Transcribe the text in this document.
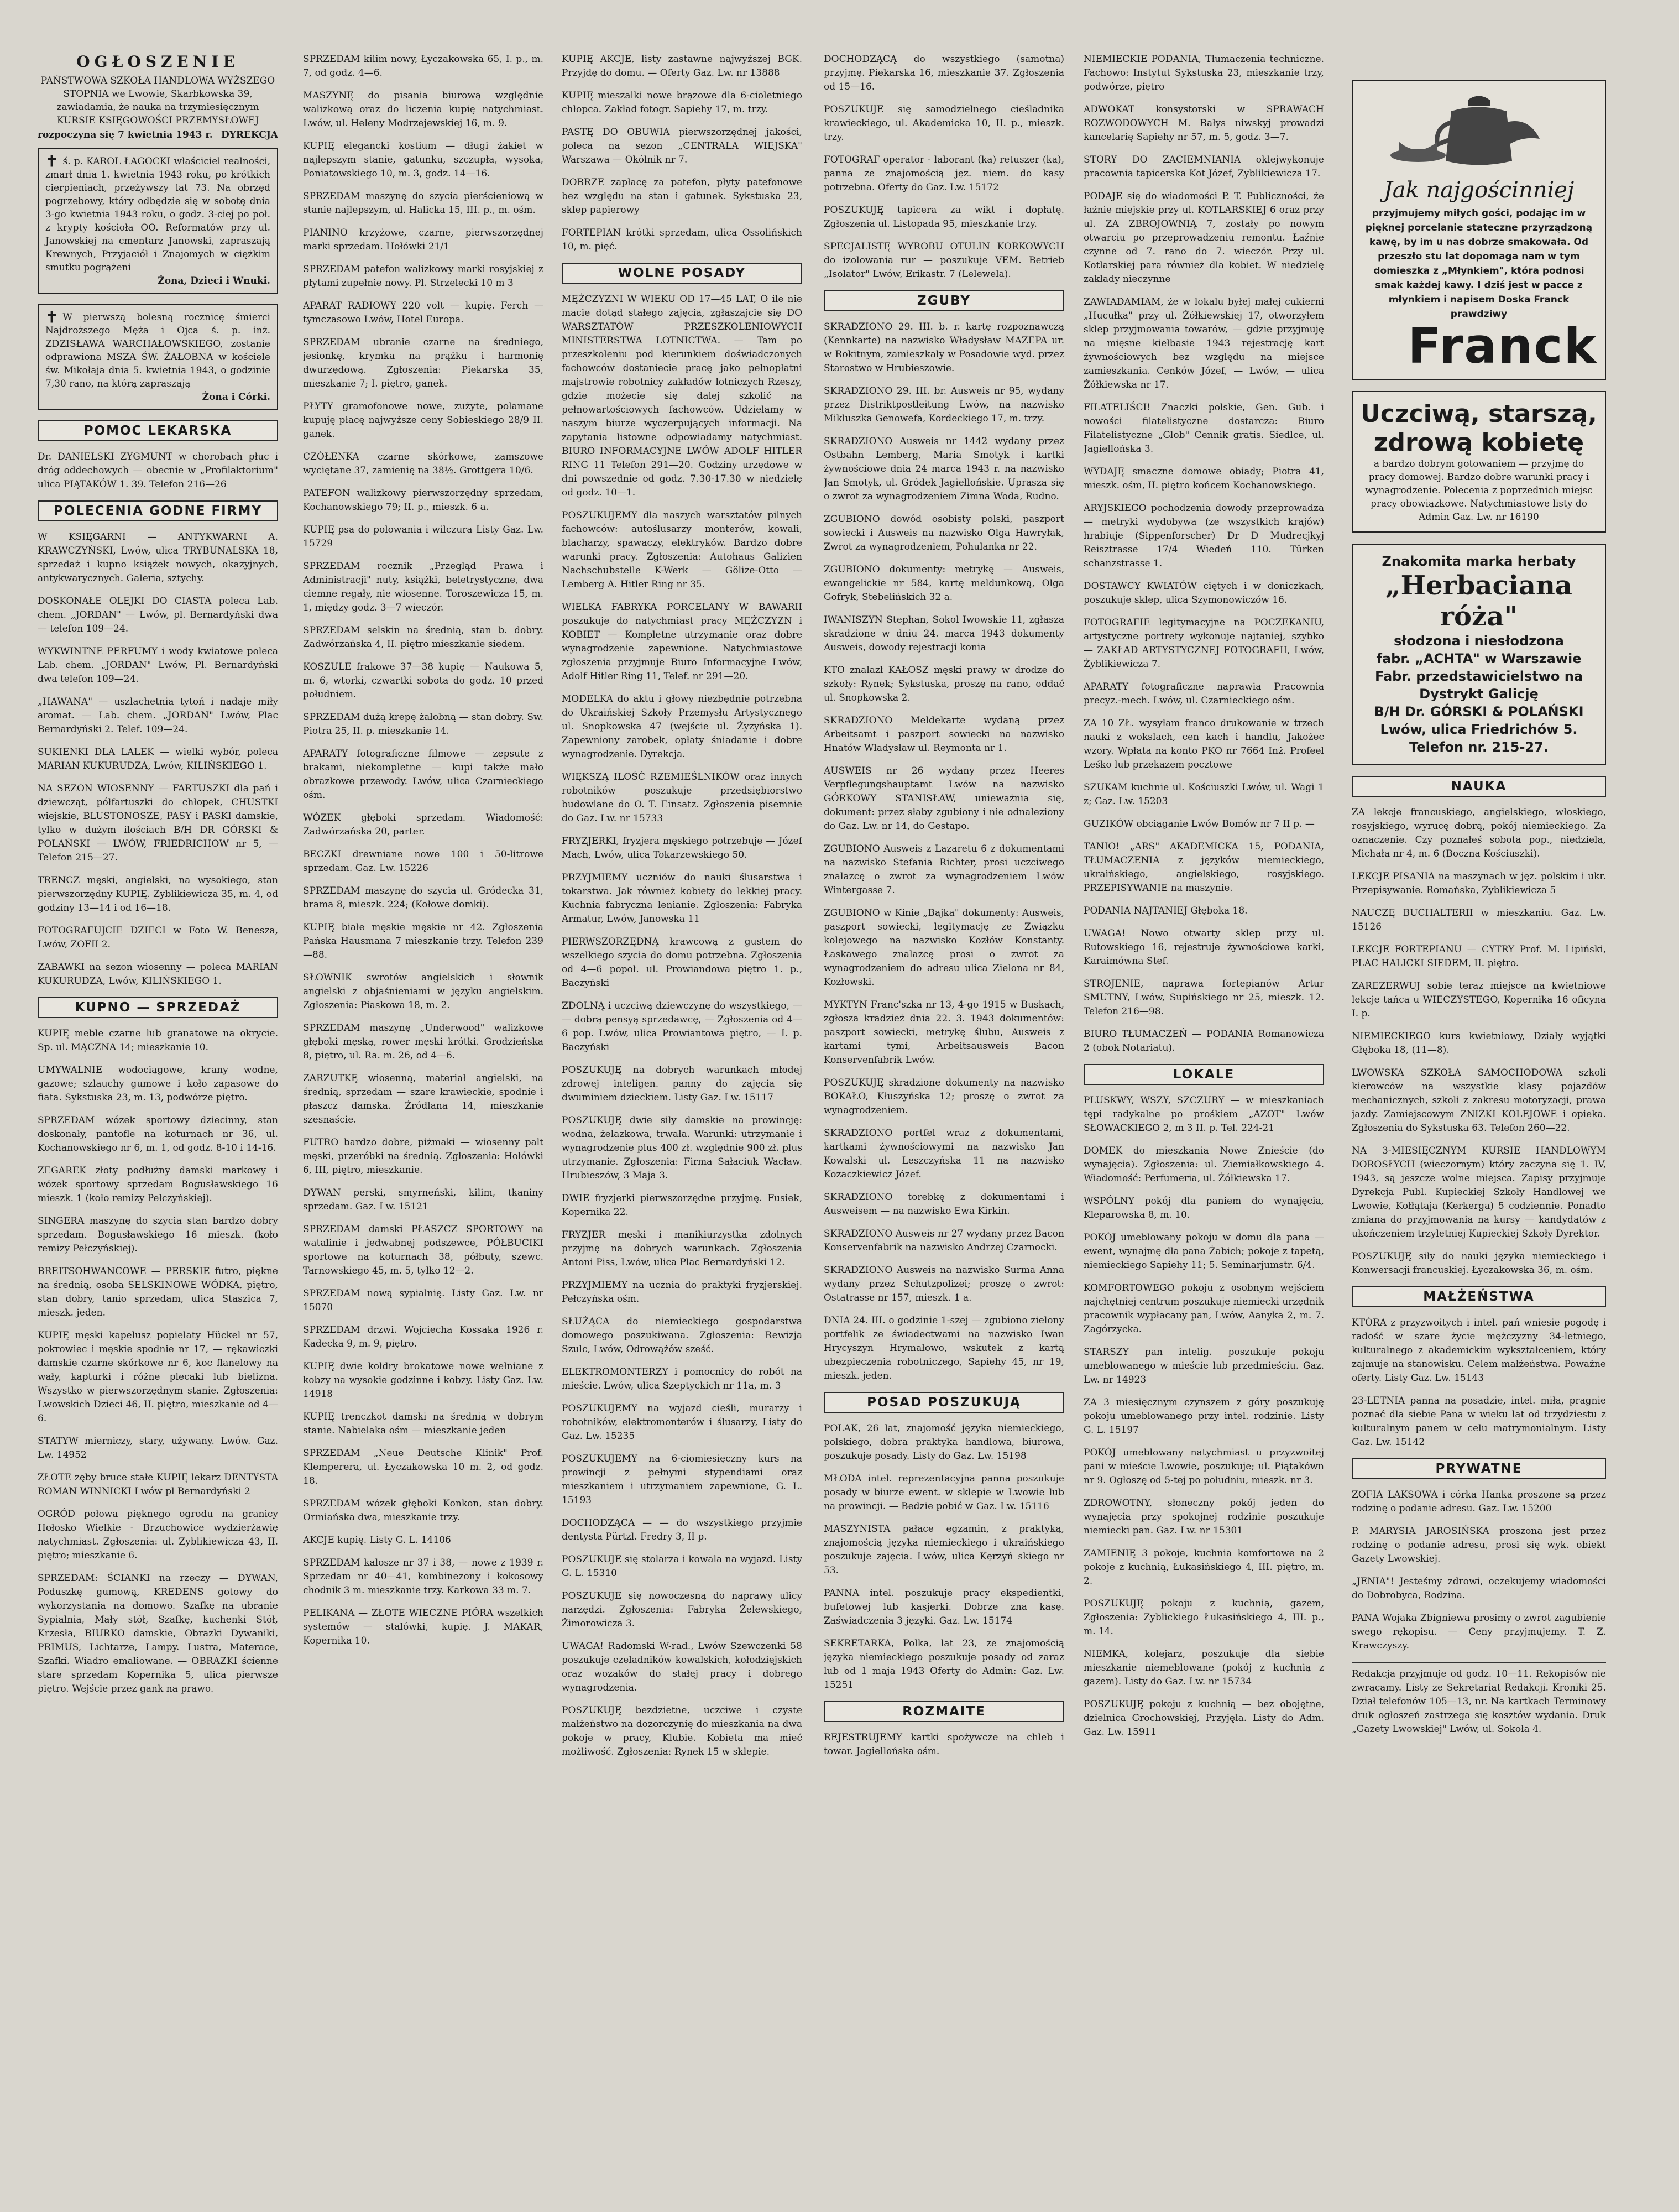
OGŁOSZENIE
PAŃSTWOWA SZKOŁA HANDLOWA WYŻSZEGO STOPNIA we Lwowie, Skarbkowska 39, zawiadamia, że nauka na trzymiesięcznym KURSIE KSIĘGOWOŚCI PRZEMYSŁOWEJ
rozpoczyna się 7 kwietnia 1943 r. DYREKCJA
✝ ś. p. KAROL ŁAGOCKI właściciel realności, zmarł dnia 1. kwietnia 1943 roku, po krótkich cierpieniach, przeżywszy lat 73. Na obrzęd pogrzebowy, który odbędzie się w sobotę dnia 3-go kwietnia 1943 roku, o godz. 3-ciej po poł. z krypty kościoła OO. Reformatów przy ul. Janowskiej na cmentarz Janowski, zapraszają Krewnych, Przyjaciół i Znajomych w ciężkim smutku pogrążeni
Żona, Dzieci i Wnuki.
✝ W pierwszą bolesną rocznicę śmierci Najdroższego Męża i Ojca ś. p. inż. ZDZISŁAWA WARCHAŁOWSKIEGO, zostanie odprawiona MSZA ŚW. ŻAŁOBNA w kościele św. Mikołaja dnia 5. kwietnia 1943, o godzinie 7,30 rano, na którą zapraszają
Żona i Córki.
POMOC LEKARSKA

Dr. DANIELSKI ZYGMUNT w chorobach płuc i dróg oddechowych — obecnie w „Profilaktorium" ulica PIĄTAKÓW 1. 39. Telefon 216—26

POLECENIA GODNE FIRMY

W KSIĘGARNI — ANTYKWARNI A. KRAWCZYŃSKI, Lwów, ulica TRYBUNALSKA 18, sprzedaż i kupno książek nowych, okazyjnych, antykwarycznych. Galeria, sztychy.

DOSKONAŁE OLEJKI DO CIASTA poleca Lab. chem. „JORDAN" — Lwów, pl. Bernardyński dwa — telefon 109—24.

WYKWINTNE PERFUMY i wody kwiatowe poleca Lab. chem. „JORDAN" Lwów, Pl. Bernardyński dwa telefon 109—24.

„HAWANA" — uszlachetnia tytoń i nadaje miły aromat. — Lab. chem. „JORDAN" Lwów, Plac Bernardyński 2. Telef. 109—24.

SUKIENKI DLA LALEK — wielki wybór, poleca MARIAN KUKURUDZA, Lwów, KILIŃSKIEGO 1.

NA SEZON WIOSENNY — FARTUSZKI dla pań i dziewcząt, półfartuszki do chłopek, CHUSTKI wiejskie, BLUSTONOSZE, PASY i PASKI damskie, tylko w dużym ilościach B/H DR GÓRSKI & POLAŃSKI — LWÓW, FRIEDRICHOW nr 5, — Telefon 215—27.

TRENCZ męski, angielski, na wysokiego, stan pierwszorzędny KUPIĘ. Zyblikiewicza 35, m. 4, od godziny 13—14 i od 16—18.

FOTOGRAFUJCIE DZIECI w Foto W. Benesza, Lwów, ZOFII 2.

ZABAWKI na sezon wiosenny — poleca MARIAN KUKURUDZA, Lwów, KILIŃSKIEGO 1.

KUPNO — SPRZEDAŻ

KUPIĘ meble czarne lub granatowe na okrycie. Sp. ul. MĄCZNA 14; mieszkanie 10.

UMYWALNIE wodociągowe, krany wodne, gazowe; szlauchy gumowe i koło zapasowe do fiata. Sykstuska 23, m. 13, podwórze piętro.

SPRZEDAM wózek sportowy dziecinny, stan doskonały, pantofle na koturnach nr 36, ul. Kochanowskiego nr 6, m. 1, od godz. 8-10 i 14-16.

ZEGAREK złoty podłużny damski markowy i wózek sportowy sprzedam Bogusławskiego 16 mieszk. 1 (koło remizy Pełczyńskiej).

SINGERA maszynę do szycia stan bardzo dobry sprzedam. Bogusławskiego 16 mieszk. (koło remizy Pełczyńskiej).

BREITSOHWANCOWE — PERSKIE futro, piękne na średnią, osoba SELSKINOWE WÓDKA, piętro, stan dobry, tanio sprzedam, ulica Staszica 7, mieszk. jeden.

KUPIĘ męski kapelusz popielaty Hückel nr 57, pokrowiec i męskie spodnie nr 17, — rękawiczki damskie czarne skórkowe nr 6, koc flanelowy na wały, kapturki i różne plecaki lub bielizna. Wszystko w pierwszorzędnym stanie. Zgłoszenia: Lwowskich Dzieci 46, II. piętro, mieszkanie od 4—6.

STATYW mierniczy, stary, używany. Lwów. Gaz. Lw. 14952

ZŁOTE zęby bruce stałe KUPIĘ lekarz DENTYSTA ROMAN WINNICKI Lwów pl Bernardyński 2

OGRÓD połowa pięknego ogrodu na granicy Hołosko Wielkie - Brzuchowice wydzierżawię natychmiast. Zgłoszenia: ul. Zyblikiewicza 43, II. piętro; mieszkanie 6.

SPRZEDAM: ŚCIANKI na rzeczy — DYWAN, Poduszkę gumową, KREDENS gotowy do wykorzystania na domowo. Szafkę na ubranie Sypialnia, Mały stół, Szafkę, kuchenki Stół, Krzesła, BIURKO damskie, Obrazki Dywaniki, PRIMUS, Lichtarze, Lampy. Lustra, Materace, Szafki. Wiadro emaliowane. — OBRAZKI ścienne stare sprzedam Kopernika 5, ulica pierwsze piętro. Wejście przez gank na prawo.

SPRZEDAM kilim nowy, Łyczakowska 65, I. p., m. 7, od godz. 4—6.

MASZYNĘ do pisania biurową względnie walizkową oraz do liczenia kupię natychmiast. Lwów, ul. Heleny Modrzejewskiej 16, m. 9.

KUPIĘ elegancki kostium — długi żakiet w najlepszym stanie, gatunku, szczupła, wysoka, Poniatowskiego 10, m. 3, godz. 14—16.

SPRZEDAM maszynę do szycia pierścieniową w stanie najlepszym, ul. Halicka 15, III. p., m. ośm.

PIANINO krzyżowe, czarne, pierwszorzędnej marki sprzedam. Hołówki 21/1

SPRZEDAM patefon walizkowy marki rosyjskiej z płytami zupełnie nowy. Pl. Strzelecki 10 m 3

APARAT RADIOWY 220 volt — kupię. Ferch — tymczasowo Lwów, Hotel Europa.

SPRZEDAM ubranie czarne na średniego, jesionkę, krymka na prążku i harmonię dwurzędową. Zgłoszenia: Piekarska 35, mieszkanie 7; I. piętro, ganek.

PŁYTY gramofonowe nowe, zużyte, polamane kupuję płacę najwyższe ceny Sobieskiego 28/9 II. ganek.

CZÓŁENKA czarne skórkowe, zamszowe wyciętane 37, zamienię na 38½. Grottgera 10/6.

PATEFON walizkowy pierwszorzędny sprzedam, Kochanowskiego 79; II. p., mieszk. 6 a.

KUPIĘ psa do polowania i wilczura Listy Gaz. Lw. 15729

SPRZEDAM rocznik „Przegląd Prawa i Administracji" nuty, książki, beletrystyczne, dwa ciemne regały, nie wiosenne. Toroszewicza 15, m. 1, między godz. 3—7 wieczór.

SPRZEDAM selskin na średnią, stan b. dobry. Zadwórzańska 4, II. piętro mieszkanie siedem.

KOSZULE frakowe 37—38 kupię — Naukowa 5, m. 6, wtorki, czwartki sobota do godz. 10 przed południem.

SPRZEDAM dużą krepę żałobną — stan dobry. Sw. Piotra 25, II. p. mieszkanie 14.

APARATY fotograficzne filmowe — zepsute z brakami, niekompletne — kupi także mało obrazkowe przewody. Lwów, ulica Czarnieckiego ośm.

WÓZEK głęboki sprzedam. Wiadomość: Zadwórzańska 20, parter.

BECZKI drewniane nowe 100 i 50-litrowe sprzedam. Gaz. Lw. 15226

SPRZEDAM maszynę do szycia ul. Gródecka 31, brama 8, mieszk. 224; (Kołowe domki).

KUPIĘ białe męskie męskie nr 42. Zgłoszenia Pańska Hausmana 7 mieszkanie trzy. Telefon 239—88.

SŁOWNIK swrotów angielskich i słownik angielski z objaśnieniami w języku angielskim. Zgłoszenia: Piaskowa 18, m. 2.

SPRZEDAM maszynę „Underwood" walizkowe głęboki męską, rower męski krótki. Grodzieńska 8, piętro, ul. Ra. m. 26, od 4—6.

ZARZUTKĘ wiosenną, materiał angielski, na średnią, sprzedam — szare krawieckie, spodnie i płaszcz damska. Źródlana 14, mieszkanie szesnaście.

FUTRO bardzo dobre, piżmaki — wiosenny palt męski, przeróbki na średnią. Zgłoszenia: Hołówki 6, III, piętro, mieszkanie.

DYWAN perski, smyrneński, kilim, tkaniny sprzedam. Gaz. Lw. 15121

SPRZEDAM damski PŁASZCZ SPORTOWY na watalinie i jedwabnej podszewce, PÓŁBUCIKI sportowe na koturnach 38, półbuty, szewc. Tarnowskiego 45, m. 5, tylko 12—2.

SPRZEDAM nową sypialnię. Listy Gaz. Lw. nr 15070

SPRZEDAM drzwi. Wojciecha Kossaka 1926 r. Kadecka 9, m. 9, piętro.

KUPIĘ dwie kołdry brokatowe nowe wełniane z kobzy na wysokie godzinne i kobzy. Listy Gaz. Lw. 14918

KUPIĘ trenczkot damski na średnią w dobrym stanie. Nabielaka ośm — mieszkanie jeden

SPRZEDAM „Neue Deutsche Klinik" Prof. Klemperera, ul. Łyczakowska 10 m. 2, od godz. 18.

SPRZEDAM wózek głęboki Konkon, stan dobry. Ormiańska dwa, mieszkanie trzy.

AKCJE kupię. Listy G. L. 14106

SPRZEDAM kalosze nr 37 i 38, — nowe z 1939 r. Sprzedam nr 40—41, kombinezony i kokosowy chodnik 3 m. mieszkanie trzy. Karkowa 33 m. 7.

PELIKANA — ZŁOTE WIECZNE PIÓRA wszelkich systemów — stalówki, kupię. J. MAKAR, Kopernika 10.

KUPIĘ AKCJE, listy zastawne najwyższej BGK. Przyjdę do domu. — Oferty Gaz. Lw. nr 13888

KUPIĘ mieszalki nowe brązowe dla 6-cioletniego chłopca. Zakład fotogr. Sapiehy 17, m. trzy.

PASTĘ DO OBUWIA pierwszorzędnej jakości, poleca na sezon „CENTRALA WIEJSKA" Warszawa — Okólnik nr 7.

DOBRZE zapłacę za patefon, płyty patefonowe bez względu na stan i gatunek. Sykstuska 23, sklep papierowy

FORTEPIAN krótki sprzedam, ulica Ossolińskich 10, m. pięć.

WOLNE POSADY

MĘŻCZYZNI W WIEKU OD 17—45 LAT, O ile nie macie dotąd stałego zajęcia, zgłaszajcie się DO WARSZTATÓW PRZESZKOLENIOWYCH MINISTERSTWA LOTNICTWA. — Tam po przeszkoleniu pod kierunkiem doświadczonych fachowców dostaniecie pracę jako pełnopłatni majstrowie robotnicy zakładów lotniczych Rzeszy, gdzie możecie się dalej szkolić na pełnowartościowych fachowców. Udzielamy w naszym biurze wyczerpujących informacji. Na zapytania listowne odpowiadamy natychmiast. BIURO INFORMACYJNE LWÓW ADOLF HITLER RING 11 Telefon 291—20. Godziny urzędowe w dni powszednie od godz. 7.30-17.30 w niedzielę od godz. 10—1.

POSZUKUJEMY dla naszych warsztatów pilnych fachowców: autoślusarzy monterów, kowali, blacharzy, spawaczy, elektryków. Bardzo dobre warunki pracy. Zgłoszenia: Autohaus Galizien Nachschubstelle K-Werk — Gölize-Otto — Lemberg A. Hitler Ring nr 35.

WIELKA FABRYKA PORCELANY W BAWARII poszukuje do natychmiast pracy MĘŻCZYZN i KOBIET — Kompletne utrzymanie oraz dobre wynagrodzenie zapewnione. Natychmiastowe zgłoszenia przyjmuje Biuro Informacyjne Lwów, Adolf Hitler Ring 11, Telef. nr 291—20.

MODELKA do aktu i głowy niezbędnie potrzebna do Ukraińskiej Szkoły Przemysłu Artystycznego ul. Snopkowska 47 (wejście ul. Żyzyńska 1). Zapewniony zarobek, opłaty śniadanie i dobre wynagrodzenie. Dyrekcja.

WIĘKSZĄ ILOŚĆ RZEMIEŚLNIKÓW oraz innych robotników poszukuje przedsiębiorstwo budowlane do O. T. Einsatz. Zgłoszenia pisemnie do Gaz. Lw. nr 15733

FRYZJERKI, fryzjera męskiego potrzebuje — Józef Mach, Lwów, ulica Tokarzewskiego 50.

PRZYJMIEMY uczniów do nauki ślusarstwa i tokarstwa. Jak również kobiety do lekkiej pracy. Kuchnia fabryczna lenianie. Zgłoszenia: Fabryka Armatur, Lwów, Janowska 11

PIERWSZORZĘDNĄ krawcową z gustem do wszelkiego szycia do domu potrzebna. Zgłoszenia od 4—6 popoł. ul. Prowiandowa piętro 1. p., Baczyński

ZDOLNĄ i uczciwą dziewczynę do wszystkiego, — — dobrą pensyą sprzedawcę, — Zgłoszenia od 4—6 pop. Lwów, ulica Prowiantowa piętro, — I. p. Baczyński

POSZUKUJĘ na dobrych warunkach młodej zdrowej inteligen. panny do zajęcia się dwuminiem dzieckiem. Listy Gaz. Lw. 15117

POSZUKUJĘ dwie siły damskie na prowincję: wodna, żelazkowa, trwała. Warunki: utrzymanie i wynagrodzenie plus 400 zł. względnie 900 zł. plus utrzymanie. Zgłoszenia: Firma Sałaciuk Wacław. Hrubieszów, 3 Maja 3.

DWIE fryzjerki pierwszorzędne przyjmę. Fusiek, Kopernika 22.

FRYZJER męski i manikiurzystka zdolnych przyjmę na dobrych warunkach. Zgłoszenia Antoni Piss, Lwów, ulica Plac Bernardyński 12.

PRZYJMIEMY na ucznia do praktyki fryzjerskiej. Pełczyńska ośm.

SŁUŻĄCA do niemieckiego gospodarstwa domowego poszukiwana. Zgłoszenia: Rewizja Szulc, Lwów, Odrowążów sześć.

ELEKTROMONTERZY i pomocnicy do robót na mieście. Lwów, ulica Szeptyckich nr 11a, m. 3

POSZUKUJEMY na wyjazd cieśli, murarzy i robotników, elektromonterów i ślusarzy, Listy do Gaz. Lw. 15235

POSZUKUJEMY na 6-ciomiesięczny kurs na prowincji z pełnymi stypendiami oraz mieszkaniem i utrzymaniem zapewnione, G. L. 15193

DOCHODZĄCA — — do wszystkiego przyjmie dentysta Pürtzl. Fredry 3, II p.

POSZUKUJE się stolarza i kowala na wyjazd. Listy G. L. 15310

POSZUKUJE się nowoczesną do naprawy ulicy narzędzi. Zgłoszenia: Fabryka Żelewskiego, Żimorowicza 3.

UWAGA! Radomski W-rad., Lwów Szewczenki 58 poszukuje czeladników kowalskich, kołodziejskich oraz wozaków do stałej pracy i dobrego wynagrodzenia.

POSZUKUJĘ bezdzietne, uczciwe i czyste małżeństwo na dozorczynię do mieszkania na dwa pokoje w pracy, Klubie. Kobieta ma mieć możliwość. Zgłoszenia: Rynek 15 w sklepie.

DOCHODZĄCĄ do wszystkiego (samotna) przyjmę. Piekarska 16, mieszkanie 37. Zgłoszenia od 15—16.

POSZUKUJE się samodzielnego cieśladnika krawieckiego, ul. Akademicka 10, II. p., mieszk. trzy.

FOTOGRAF operator - laborant (ka) retuszer (ka), panna ze znajomością jęz. niem. do kasy potrzebna. Oferty do Gaz. Lw. 15172

POSZUKUJĘ tapicera za wikt i dopłatę. Zgłoszenia ul. Listopada 95, mieszkanie trzy.

SPECJALISTĘ WYROBU OTULIN KORKOWYCH do izolowania rur — poszukuje VEM. Betrieb „Isolator" Lwów, Erikastr. 7 (Lelewela).

ZGUBY

SKRADZIONO 29. III. b. r. kartę rozpoznawczą (Kennkarte) na nazwisko Władysław MAZEPA ur. w Rokitnym, zamieszkały w Posadowie wyd. przez Starostwo w Hrubieszowie.

SKRADZIONO 29. III. br. Ausweis nr 95, wydany przez Distriktpostleitung Lwów, na nazwisko Mikluszka Genowefa, Kordeckiego 17, m. trzy.

SKRADZIONO Ausweis nr 1442 wydany przez Ostbahn Lemberg, Maria Smotyk i kartki żywnościowe dnia 24 marca 1943 r. na nazwisko Jan Smotyk, ul. Gródek Jagiellońskie. Uprasza się o zwrot za wynagrodzeniem Zimna Woda, Rudno.

ZGUBIONO dowód osobisty polski, paszport sowiecki i Ausweis na nazwisko Olga Hawryłak, Zwrot za wynagrodzeniem, Pohulanka nr 22.

ZGUBIONO dokumenty: metrykę — Ausweis, ewangelickie nr 584, kartę meldunkową, Olga Gofryk, Stebelińskich 32 a.

IWANISZYN Stephan, Sokol Iwowskie 11, zgłasza skradzione w dniu 24. marca 1943 dokumenty Ausweis, dowody rejestracji konia

KTO znalazł KAŁOSZ męski prawy w drodze do szkoły: Rynek; Sykstuska, proszę na rano, oddać ul. Snopkowska 2.

SKRADZIONO Meldekarte wydaną przez Arbeitsamt i paszport sowiecki na nazwisko Hnatów Władysław ul. Reymonta nr 1.

AUSWEIS nr 26 wydany przez Heeres Verpflegungshauptamt Lwów na nazwisko GÓRKOWY STANISŁAW, unieważnia się, dokument: przez słaby zgubiony i nie odnaleziony do Gaz. Lw. nr 14, do Gestapo.

ZGUBIONO Ausweis z Lazaretu 6 z dokumentami na nazwisko Stefania Richter, prosi uczciwego znalazcę o zwrot za wynagrodzeniem Lwów Wintergasse 7.

ZGUBIONO w Kinie „Bajka" dokumenty: Ausweis, paszport sowiecki, legitymację ze Związku kolejowego na nazwisko Kozłów Konstanty. Łaskawego znalazcę prosi o zwrot za wynagrodzeniem do adresu ulica Zielona nr 84, Kozłowski.

MYKTYN Franc'szka nr 13, 4-go 1915 w Buskach, zgłosza kradzież dnia 22. 3. 1943 dokumentów: paszport sowiecki, metrykę ślubu, Ausweis z kartami tymi, Arbeitsausweis Bacon Konservenfabrik Lwów.

POSZUKUJĘ skradzione dokumenty na nazwisko BOKAŁO, Kłuszyńska 12; proszę o zwrot za wynagrodzeniem.

SKRADZIONO portfel wraz z dokumentami, kartkami żywnościowymi na nazwisko Jan Kowalski ul. Leszczyńska 11 na nazwisko Kozaczkiewicz Józef.

SKRADZIONO torebkę z dokumentami i Ausweisem — na nazwisko Ewa Kirkin.

SKRADZIONO Ausweis nr 27 wydany przez Bacon Konservenfabrik na nazwisko Andrzej Czarnocki.

SKRADZIONO Ausweis na nazwisko Surma Anna wydany przez Schutzpolizei; proszę o zwrot: Ostatrasse nr 157, mieszk. 1 a.

DNIA 24. III. o godzinie 1-szej — zgubiono zielony portfelik ze świadectwami na nazwisko Iwan Hrycyszyn Hrymałowo, wskutek z kartą ubezpieczenia robotniczego, Sapiehy 45, nr 19, mieszk. jeden.

POSAD POSZUKUJĄ

POLAK, 26 lat, znajomość języka niemieckiego, polskiego, dobra praktyka handlowa, biurowa, poszukuje posady. Listy do Gaz. Lw. 15198

MŁODA intel. reprezentacyjna panna poszukuje posady w biurze ewent. w sklepie w Lwowie lub na prowincji. — Bedzie pobić w Gaz. Lw. 15116

MASZYNISTA pałace egzamin, z praktyką, znajomością języka niemieckiego i ukraińskiego poszukuje zajęcia. Lwów, ulica Kęrzyń skiego nr 53.

PANNA intel. poszukuje pracy ekspedientki, bufetowej lub kasjerki. Dobrze zna kasę. Zaświadczenia 3 języki. Gaz. Lw. 15174

SEKRETARKA, Polka, lat 23, ze znajomością języka niemieckiego poszukuje posady od zaraz lub od 1 maja 1943 Oferty do Admin: Gaz. Lw. 15251

ROZMAITE

REJESTRUJEMY kartki spożywcze na chleb i towar. Jagiellońska ośm.

NIEMIECKIE PODANIA, Tłumaczenia techniczne. Fachowo: Instytut Sykstuska 23, mieszkanie trzy, podwórze, piętro

ADWOKAT konsystorski w SPRAWACH ROZWODOWYCH M. Bałys niwskyj prowadzi kancelarię Sapiehy nr 57, m. 5, godz. 3—7.

STORY DO ZACIEMNIANIA oklejwykonuje pracownia tapicerska Kot Józef, Zyblikiewicza 17.

PODAJE się do wiadomości P. T. Publiczności, że łaźnie miejskie przy ul. KOTLARSKIEJ 6 oraz przy ul. ZA ZBROJOWNIĄ 7, zostały po nowym otwarciu po przeprowadzeniu remontu. Łaźnie czynne od 7. rano do 7. wieczór. Przy ul. Kotlarskiej para również dla kobiet. W niedzielę zakłady nieczynne

ZAWIADAMIAM, że w lokalu byłej małej cukierni „Hucułka" przy ul. Żółkiewskiej 17, otworzyłem sklep przyjmowania towarów, — gdzie przyjmuję na mięsne kiełbasie 1943 rejestrację kart żywnościowych bez względu na miejsce zamieszkania. Cenków Józef, — Lwów, — ulica Żółkiewska nr 17.

FILATELIŚCI! Znaczki polskie, Gen. Gub. i nowości filatelistyczne dostarcza: Biuro Filatelistyczne „Glob" Cennik gratis. Siedlce, ul. Jagiellońska 3.

WYDAJĘ smaczne domowe obiady; Piotra 41, mieszk. ośm, II. piętro końcem Kochanowskiego.

ARYJSKIEGO pochodzenia dowody przeprowadza — metryki wydobywa (ze wszystkich krajów) hrabiuje (Sippenforscher) Dr D Mudrecjkyj Reisztrasse 17/4 Wiedeń 110. Türken schanzstrasse 1.

DOSTAWCY KWIATÓW ciętych i w doniczkach, poszukuje sklep, ulica Szymonowiczów 16.

FOTOGRAFIE legitymacyjne na POCZEKANIU, artystyczne portrety wykonuje najtaniej, szybko — ZAKŁAD ARTYSTYCZNEJ FOTOGRAFII, Lwów, Żyblikiewicza 7.

APARATY fotograficzne naprawia Pracownia precyz.-mech. Lwów, ul. Czarnieckiego ośm.

ZA 10 ZŁ. wysyłam franco drukowanie w trzech nauki z wokslach, cen kach i handlu, Jakożec wzory. Wpłata na konto PKO nr 7664 Inż. Profeel Leśko lub przekazem pocztowe

SZUKAM kuchnie ul. Kościuszki Lwów, ul. Wagi 1 z; Gaz. Lw. 15203

GUZIKÓW obciąganie Lwów Bomów nr 7 II p. —

TANIO! „ARS" AKADEMICKA 15, PODANIA, TŁUMACZENIA z języków niemieckiego, ukraińskiego, angielskiego, rosyjskiego. PRZEPISYWANIE na maszynie.

PODANIA NAJTANIEJ Głęboka 18.

UWAGA! Nowo otwarty sklep przy ul. Rutowskiego 16, rejestruje żywnościowe karki, Karaimówna Stef.

STROJENIE, naprawa fortepianów Artur SMUTNY, Lwów, Supińskiego nr 25, mieszk. 12. Telefon 216—98.

BIURO TŁUMACZEŃ — PODANIA Romanowicza 2 (obok Notariatu).

LOKALE

PLUSKWY, WSZY, SZCZURY — w mieszkaniach tępi radykalne po prośkiem „AZOT" Lwów SŁOWACKIEGO 2, m 3 II. p. Tel. 224-21

DOMEK do mieszkania Nowe Znieście (do wynajęcia). Zgłoszenia: ul. Ziemiałkowskiego 4. Wiadomość: Perfumeria, ul. Żółkiewska 17.

WSPÓLNY pokój dla paniem do wynajęcia, Kleparowska 8, m. 10.

POKÓJ umeblowany pokoju w domu dla pana — ewent, wynajmę dla pana Żabich; pokoje z tapetą, niemieckiego Sapiehy 11; 5. Seminarjumstr. 6/4.

KOMFORTOWEGO pokoju z osobnym wejściem najchętniej centrum poszukuje niemiecki urzędnik pracownik wypłacany pan, Lwów, Aanyka 2, m. 7. Zagórzycka.

STARSZY pan intelig. poszukuje pokoju umeblowanego w mieście lub przedmieściu. Gaz. Lw. nr 14923

ZA 3 miesięcznym czynszem z góry poszukuję pokoju umeblowanego przy intel. rodzinie. Listy G. L. 15197

POKÓJ umeblowany natychmiast u przyzwoitej pani w mieście Lwowie, poszukuje; ul. Piątakówn nr 9. Ogłoszę od 5-tej po południu, mieszk. nr 3.

ZDROWOTNY, słoneczny pokój jeden do wynajęcia przy spokojnej rodzinie poszukuje niemiecki pan. Gaz. Lw. nr 15301

ZAMIENIĘ 3 pokoje, kuchnia komfortowe na 2 pokoje z kuchnią, Łukasińskiego 4, III. piętro, m. 2.

POSZUKUJĘ pokoju z kuchnią, gazem, Zgłoszenia: Zyblickiego Łukasińskiego 4, III. p., m. 14.

NIEMKA, kolejarz, poszukuje dla siebie mieszkanie niemeblowane (pokój z kuchnią z gazem). Listy do Gaz. Lw. nr 15734

POSZUKUJĘ pokoju z kuchnią — bez obojętne, dzielnica Grochowskiej, Przyjęła. Listy do Adm. Gaz. Lw. 15911

Jak najgościnniej
przyjmujemy miłych gości, podając im w pięknej porcelanie stateczne przyrządzoną kawę, by im u nas dobrze smakowała. Od przeszło stu lat dopomaga nam w tym domieszka z „Młynkiem", która podnosi smak każdej kawy. I dziś jest w pacce z młynkiem i napisem Doska Franck prawdziwy
Franck
Uczciwą, starszą,
zdrową kobietę
a bardzo dobrym gotowaniem — przyjmę do pracy domowej. Bardzo dobre warunki pracy i wynagrodzenie. Polecenia z poprzednich miejsc pracy obowiązkowe. Natychmiastowe listy do Admin Gaz. Lw. nr 16190
Znakomita marka herbaty
„Herbaciana róża"
słodzona i niesłodzona
fabr. „ACHTA" w Warszawie
Fabr. przedstawicielstwo na Dystrykt Galicję
B/H Dr. GÓRSKI & POLAŃSKI
Lwów, ulica Friedrichów 5.
Telefon nr. 215-27.
NAUKA

ZA lekcje francuskiego, angielskiego, włoskiego, rosyjskiego, wyrucę dobrą, pokój niemieckiego. Za oznaczenie. Czy poznałeś sobota pop., niedziela, Michała nr 4, m. 6 (Boczna Kościuszki).

LEKCJE PISANIA na maszynach w jęz. polskim i ukr. Przepisywanie. Romańska, Zyblikiewicza 5

NAUCZĘ BUCHALTERII w mieszkaniu. Gaz. Lw. 15126

LEKCJE FORTEPIANU — CYTRY Prof. M. Lipiński, PLAC HALICKI SIEDEM, II. piętro.

ZAREZERWUJ sobie teraz miejsce na kwietniowe lekcje tańca u WIECZYSTEGO, Kopernika 16 oficyna I. p.

NIEMIECKIEGO kurs kwietniowy, Działy wyjątki Głęboka 18, (11—8).

LWOWSKA SZKOŁA SAMOCHODOWA szkoli kierowców na wszystkie klasy pojazdów mechanicznych, szkoli z zakresu motoryzacji, prawa jazdy. Zamiejscowym ZNIŻKI KOLEJOWE i opieka. Zgłoszenia do Sykstuska 63. Telefon 260—22.

NA 3-MIESIĘCZNYM KURSIE HANDLOWYM DOROSŁYCH (wieczornym) który zaczyna się 1. IV, 1943, są jeszcze wolne miejsca. Zapisy przyjmuje Dyrekcja Publ. Kupieckiej Szkoły Handlowej we Lwowie, Kołłątaja (Kerkerga) 5 codziennie. Ponadto zmiana do przyjmowania na kursy — kandydatów z ukończeniem trzyletniej Kupieckiej Szkoły Dyrektor.

POSZUKUJĘ siły do nauki języka niemieckiego i Konwersacji francuskiej. Łyczakowska 36, m. ośm.

MAŁŻEŃSTWA

KTÓRA z przyzwoitych i intel. pań wniesie pogodę i radość w szare życie mężczyzny 34-letniego, kulturalnego z akademickim wykształceniem, który zajmuje na stanowisku. Celem małżeństwa. Poważne oferty. Listy Gaz. Lw. 15143

23-LETNIA panna na posadzie, intel. miła, pragnie poznać dla siebie Pana w wieku lat od trzydziestu z kulturalnym panem w celu matrymonialnym. Listy Gaz. Lw. 15142

PRYWATNE

ZOFIA LAKSOWA i córka Hanka proszone są przez rodzinę o podanie adresu. Gaz. Lw. 15200

P. MARYSIA JAROSIŃSKA proszona jest przez rodzinę o podanie adresu, prosi się wyk. obiekt Gazety Lwowskiej.

„JENIA"! Jesteśmy zdrowi, oczekujemy wiadomości do Dobrobyca, Rodzina.

PANA Wojaka Zbigniewa prosimy o zwrot zagubienie swego rękopisu. — Ceny przyjmujemy. T. Z. Krawczyszy.

Redakcja przyjmuje od godz. 10—11. Rękopisów nie zwracamy. Listy ze Sekretariat Redakcji. Kroniki 25. Dział telefonów 105—13, nr. Na kartkach Terminowy druk ogłoszeń zastrzega się kosztów wydania. Druk „Gazety Lwowskiej" Lwów, ul. Sokoła 4.
